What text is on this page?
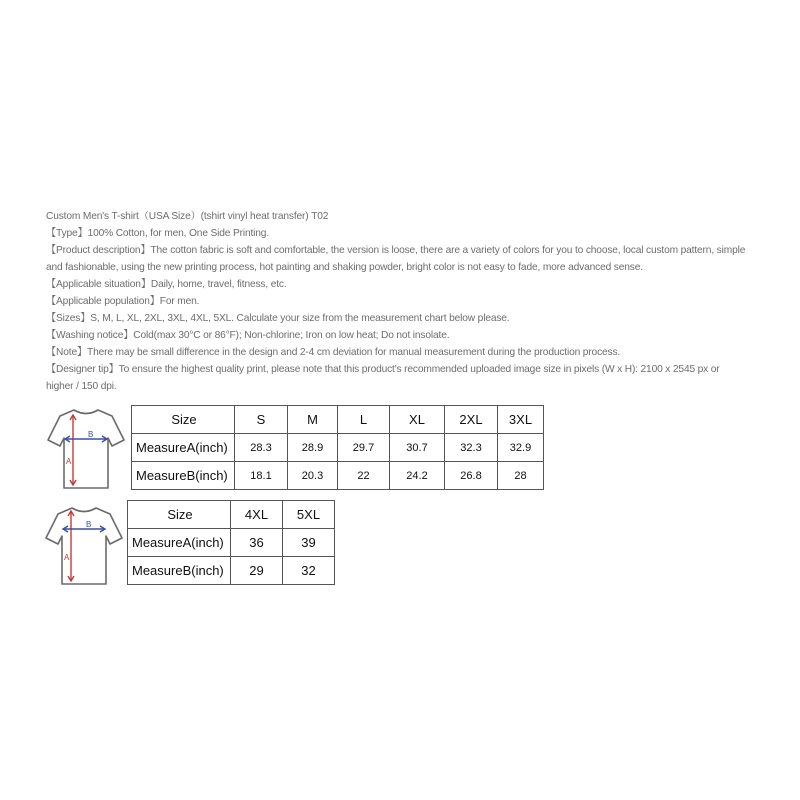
Custom Men's T-shirt（USA Size）(tshirt vinyl heat transfer) T02

【Type】100% Cotton, for men, One Side Printing.

【Product description】The cotton fabric is soft and comfortable, the version is loose, there are a variety of colors for you to choose, local custom pattern, simple and fashionable, using the new printing process, hot painting and shaking powder, bright color is not easy to fade, more advanced sense.

【Applicable situation】Daily, home, travel, fitness, etc.

【Applicable population】For men.

【Sizes】S, M, L, XL, 2XL, 3XL, 4XL, 5XL. Calculate your size from the measurement chart below please.

【Washing notice】Cold(max 30°C or 86°F); Non-chlorine; Iron on low heat; Do not insolate.

【Note】There may be small difference in the design and 2-4 cm deviation for manual measurement during the production process.

【Designer tip】To ensure the highest quality print, please note that this product's recommended uploaded image size in pixels (W x H): 2100 x 2545 px or higher / 150 dpi.

B
A
B
A
Size	S	M	L	XL	2XL	3XL
MeasureA(inch)	28.3	28.9	29.7	30.7	32.3	32.9
MeasureB(inch)	18.1	20.3	22	24.2	26.8	28
Size	4XL	5XL
MeasureA(inch)	36	39
MeasureB(inch)	29	32
